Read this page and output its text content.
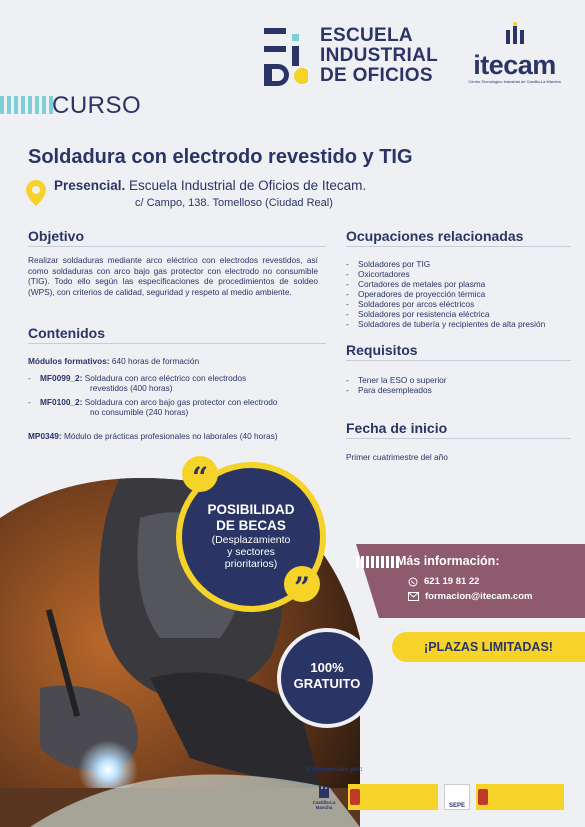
ESCUELA
INDUSTRIAL
DE OFICIOS	itecam
Centro Tecnológico Industrial de Castilla-La Mancha
CURSO
Soldadura con electrodo revestido y TIG
Presencial. Escuela Industrial de Oficios de Itecam.
c/ Campo, 138. Tomelloso (Ciudad Real)
Objetivo
Realizar soldaduras mediante arco eléctrico con electrodos revestidos, así como soldaduras con arco bajo gas protector con electrodo no consumible (TIG). Todo ello según las especificaciones de procedimientos de soldeo (WPS), con criterios de calidad, seguridad y respeto al medio ambiente.
Contenidos
Módulos formativos: 640 horas de formación
- MF0099_2: Soldadura con arco eléctrico con electrodos
revestidos (400 horas)
- MF0100_2: Soldadura con arco bajo gas protector con electrodo
no consumible (240 horas)
MP0349: Módulo de prácticas profesionales no laborales (40 horas)
Ocupaciones relacionadas
- Soldadores por TIG
- Oxicortadores
- Cortadores de metales por plasma
- Operadores de proyección térmica
- Soldadores por arcos eléctricos
- Soldadores por resistencia eléctrica
- Soldadores de tubería y recipientes de alta presión
Requisitos
- Tener la ESO o superior
- Para desempleados
Fecha de inicio
Primer cuatrimestre del año
“
”
POSIBILIDAD
DE BECAS
(Desplazamiento
y sectores
prioritarios)
100%
GRATUITO
Más información:
621 19 81 22
formacion@itecam.com
¡PLAZAS LIMITADAS!
Cofinanciado por:
Castilla-La Mancha	SEPE
